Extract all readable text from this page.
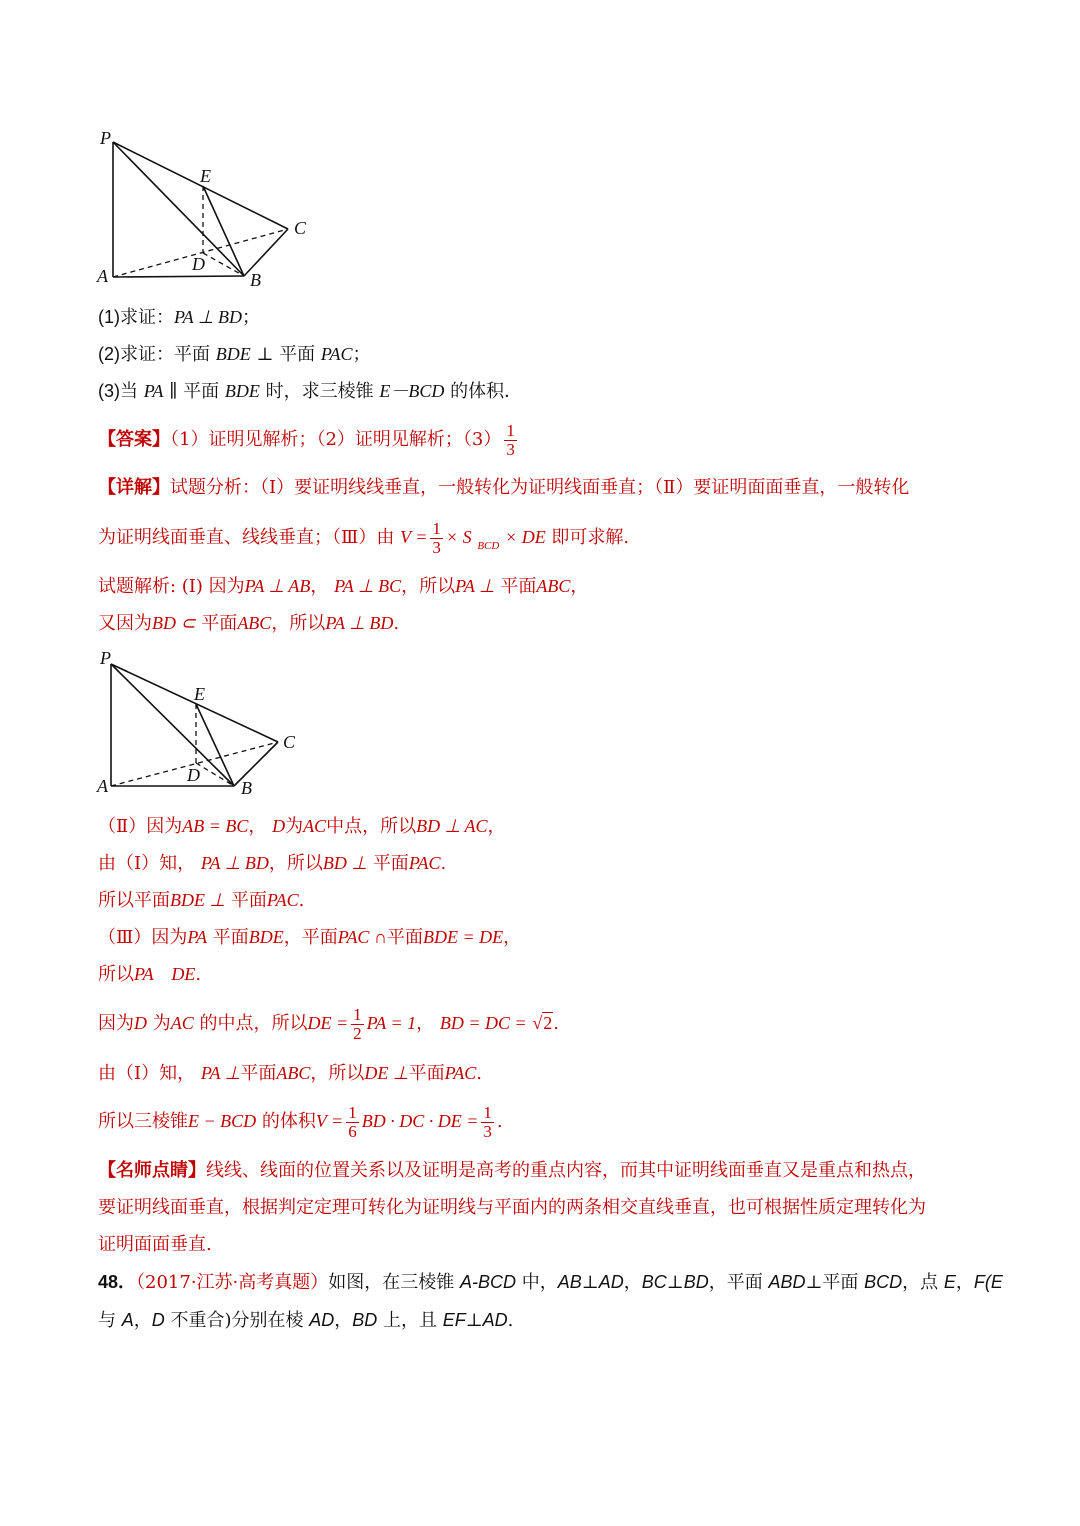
P
E
C
A
D
B
(1)求证：PA ⊥ BD；
(2)求证：平面 BDE ⊥ 平面 PAC；
(3)当 PA ∥ 平面 BDE 时，求三棱锥 E－BCD 的体积．
【答案】（1）证明见解析；（2）证明见解析；$(3) \frac{1}{3}$
【详解】试题分析：（Ⅰ）要证明线线垂直，一般转化为证明线面垂直；（Ⅱ）要证明面面垂直，一般转化
为证明线面垂直、线线垂直；（Ⅲ）由 $V = \frac{1}{3} \times S$ $_{BCD}$ × DE 即可求解.
试题解析: (Ⅰ) 因为PA ⊥ AB， PA ⊥ BC，所以PA ⊥ 平面ABC，
又因为BD ⊂ 平面ABC，所以PA ⊥ BD.
P
E
C
A
D
B
（Ⅱ）因为AB = BC， D为AC中点，所以BD ⊥ AC，
由（Ⅰ）知， PA ⊥ BD，所以BD ⊥ 平面PAC.
所以平面BDE ⊥ 平面PAC.
（Ⅲ）因为PA 平面BDE，平面PAC ∩平面BDE = DE，
所以PA    DE.
因为D 为AC 的中点，所以DE = $\frac{1}{2}$ PA = 1， BD = DC = √2.
由（Ⅰ）知， PA ⊥平面ABC，所以DE ⊥平面PAC.
所以三棱锥E − BCD 的体积$V = \frac{1}{6}$ BD · DC · DE = $\frac{1}{3}$ .
【名师点睛】线线、线面的位置关系以及证明是高考的重点内容，而其中证明线面垂直又是重点和热点，
要证明线面垂直，根据判定定理可转化为证明线与平面内的两条相交直线垂直，也可根据性质定理转化为
证明面面垂直.
48．（2017·江苏·高考真题）如图，在三棱锥 A-BCD 中，AB⊥AD，BC⊥BD，平面 ABD⊥平面 BCD，点 E，F(E
与 A，D 不重合)分别在棱 AD，BD 上，且 EF⊥AD.
